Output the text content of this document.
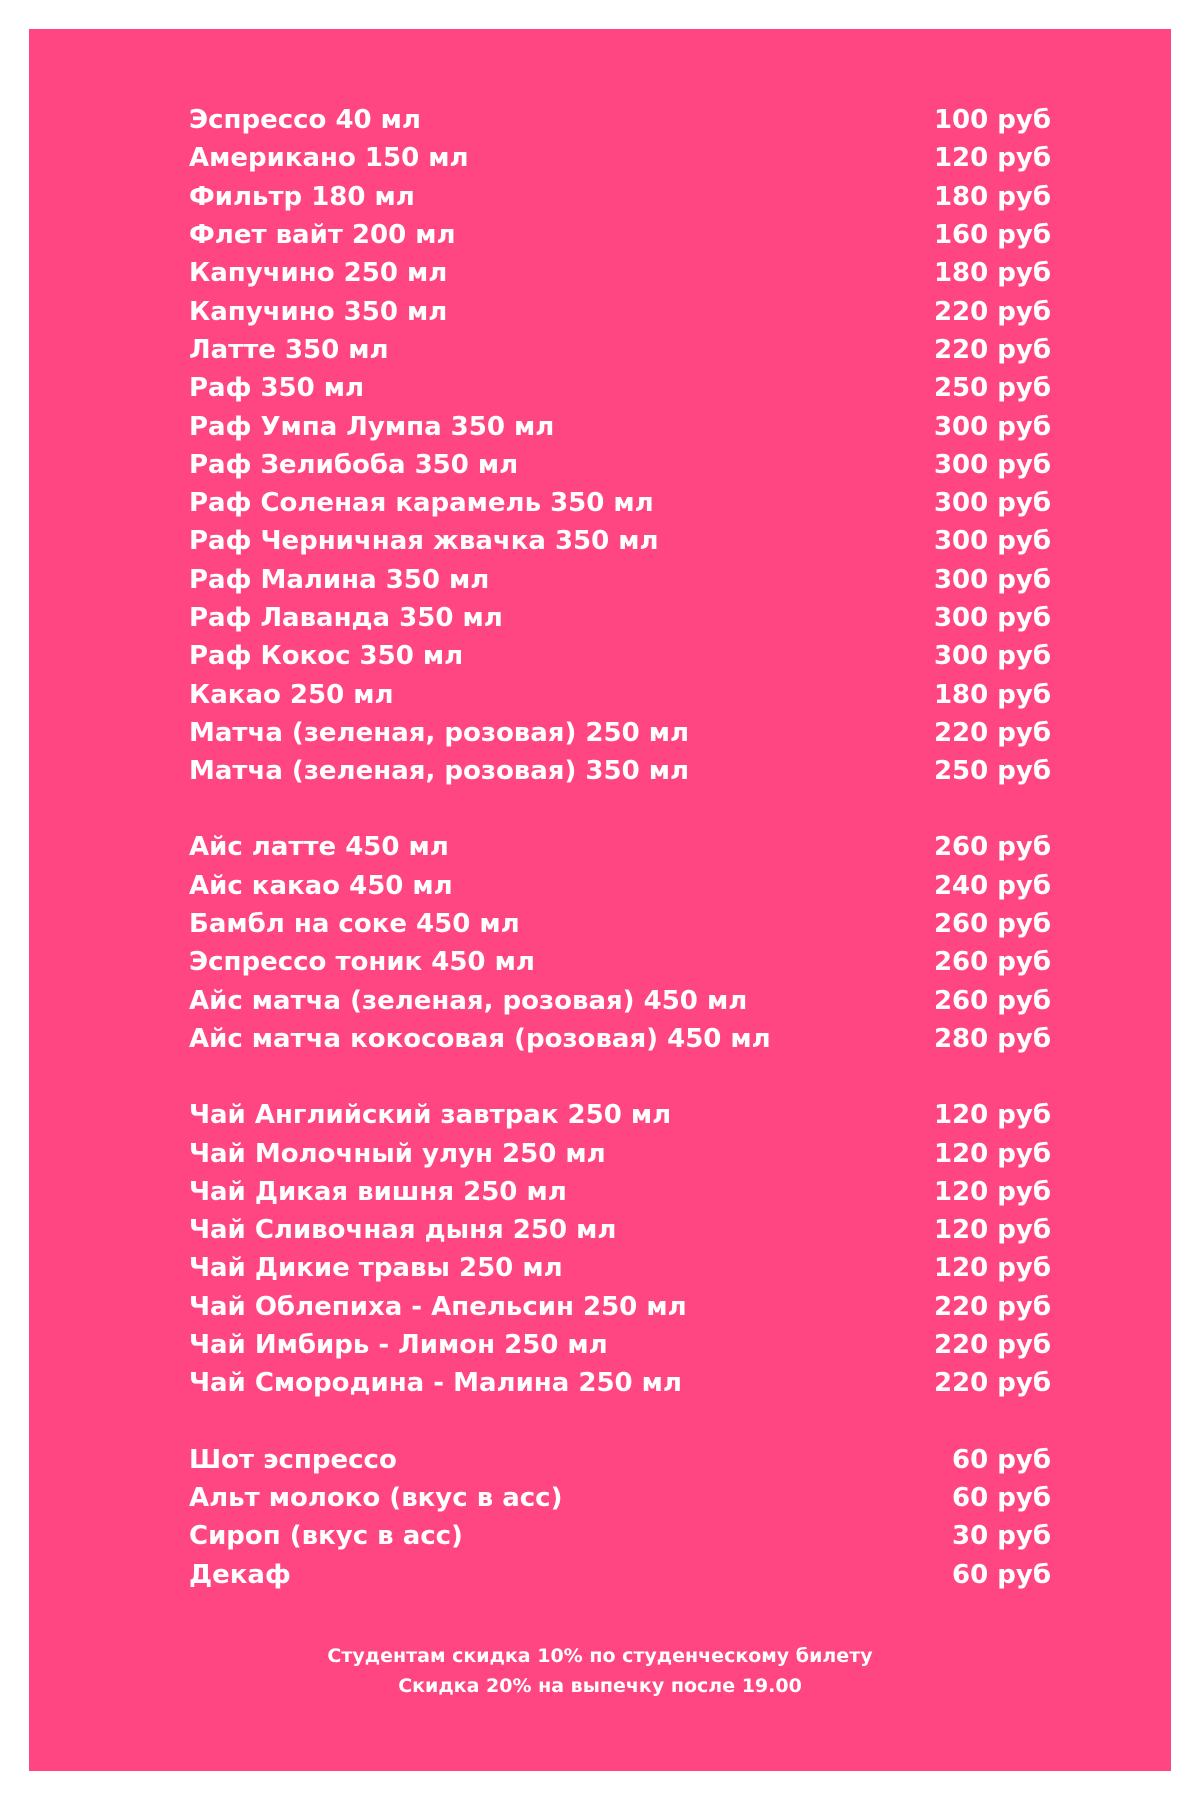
Эспрессо 40 мл	100 руб
Американо 150 мл	120 руб
Фильтр 180 мл	180 руб
Флет вайт 200 мл	160 руб
Капучино 250 мл	180 руб
Капучино 350 мл	220 руб
Латте 350 мл	220 руб
Раф 350 мл	250 руб
Раф Умпа Лумпа 350 мл	300 руб
Раф Зелибоба 350 мл	300 руб
Раф Соленая карамель 350 мл	300 руб
Раф Черничная жвачка 350 мл	300 руб
Раф Малина 350 мл	300 руб
Раф Лаванда 350 мл	300 руб
Раф Кокос 350 мл	300 руб
Какао 250 мл	180 руб
Матча (зеленая, розовая) 250 мл	220 руб
Матча (зеленая, розовая) 350 мл	250 руб
Айс латте 450 мл	260 руб
Айс какао 450 мл	240 руб
Бамбл на соке 450 мл	260 руб
Эспрессо тоник 450 мл	260 руб
Айс матча (зеленая, розовая) 450 мл	260 руб
Айс матча кокосовая (розовая) 450 мл	280 руб
Чай Английский завтрак 250 мл	120 руб
Чай Молочный улун 250 мл	120 руб
Чай Дикая вишня 250 мл	120 руб
Чай Сливочная дыня 250 мл	120 руб
Чай Дикие травы 250 мл	120 руб
Чай Облепиха - Апельсин 250 мл	220 руб
Чай Имбирь - Лимон 250 мл	220 руб
Чай Смородина - Малина 250 мл	220 руб
Шот эспрессо	60 руб
Альт молоко (вкус в асс)	60 руб
Сироп (вкус в асс)	30 руб
Декаф	60 руб
Студентам скидка 10% по студенческому билету
Скидка 20% на выпечку после 19.00
